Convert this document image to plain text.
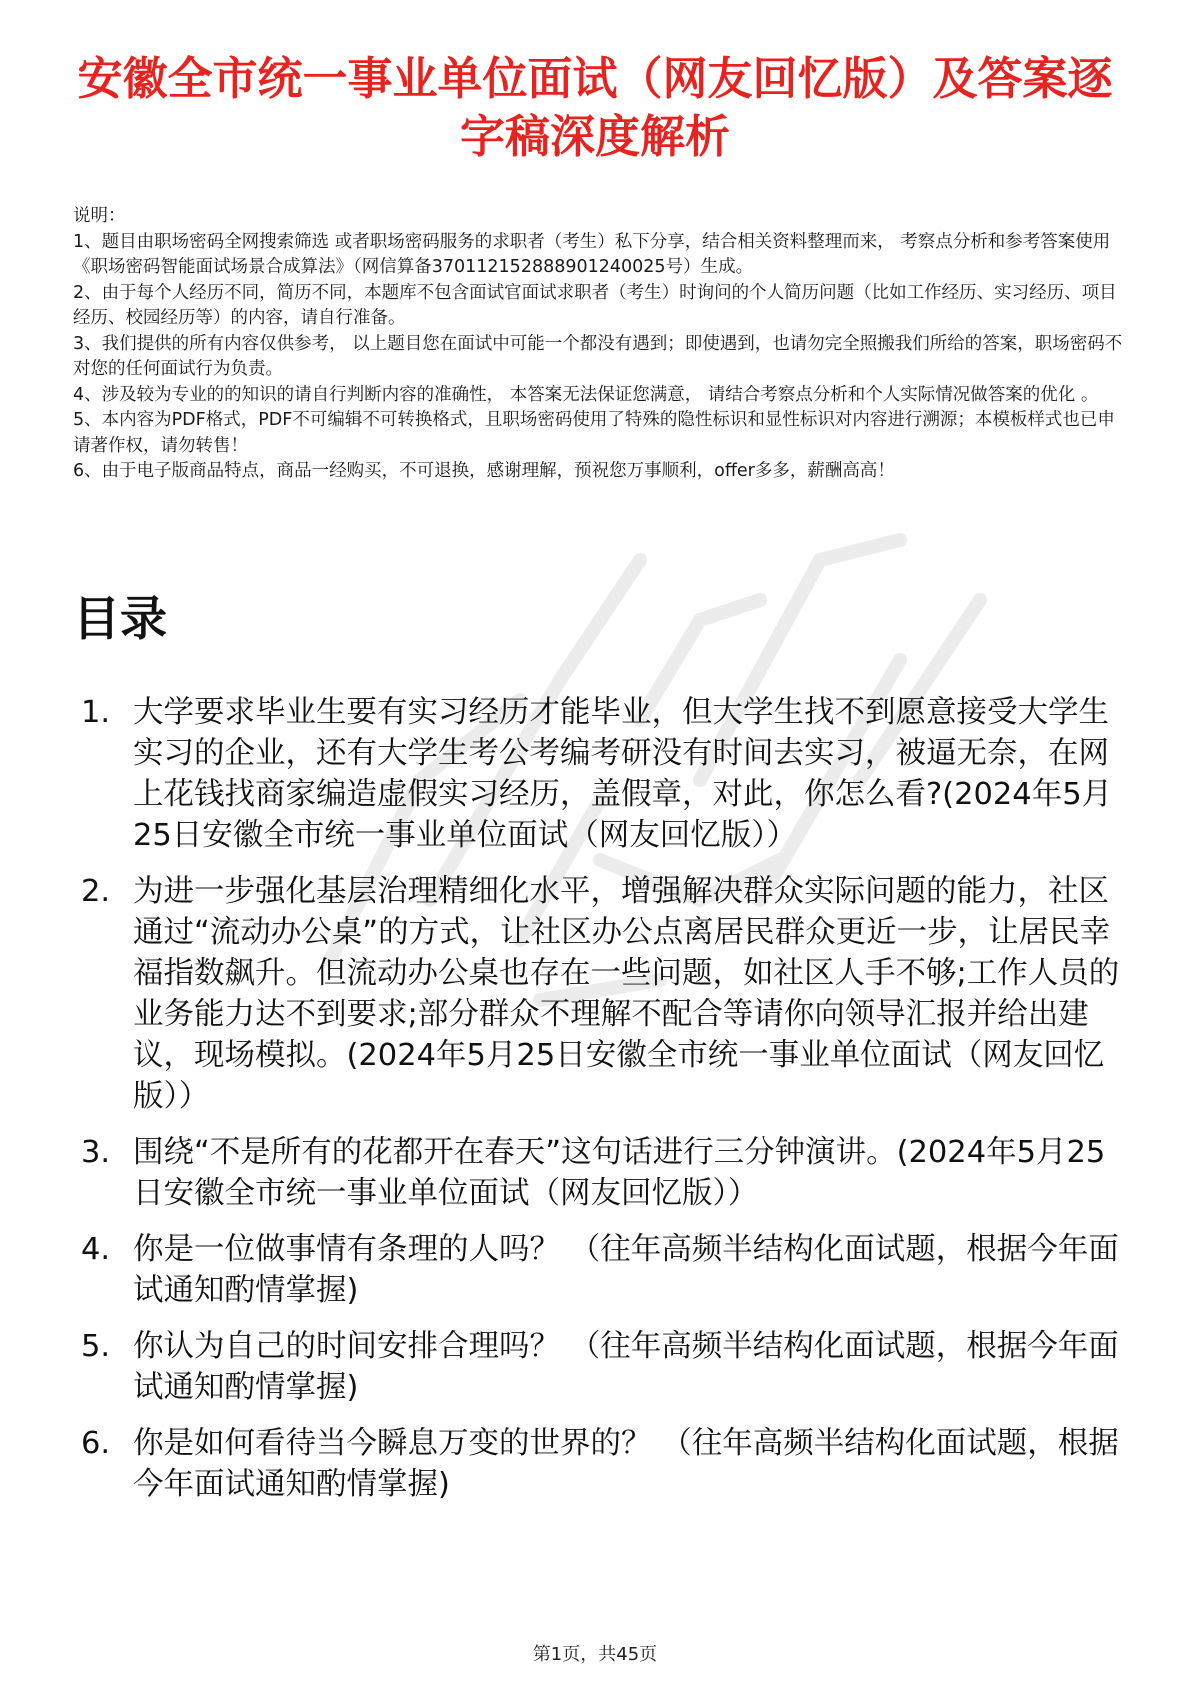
安徽全市统一事业单位面试（网友回忆版）及答案逐字稿深度解析

说明：

1、题目由职场密码全网搜索筛选 或者职场密码服务的求职者（考生）私下分享，结合相关资料整理而来， 考察点分析和参考答案使用《职场密码智能面试场景合成算法》（网信算备370112152888901240025号）生成。

2、由于每个人经历不同，简历不同，本题库不包含面试官面试求职者（考生）时询问的个人简历问题（比如工作经历、实习经历、项目经历、校园经历等）的内容，请自行准备。

3、我们提供的所有内容仅供参考， 以上题目您在面试中可能一个都没有遇到；即使遇到，也请勿完全照搬我们所给的答案，职场密码不对您的任何面试行为负责。

4、涉及较为专业的的知识的请自行判断内容的准确性， 本答案无法保证您满意， 请结合考察点分析和个人实际情况做答案的优化 。

5、本内容为PDF格式，PDF不可编辑不可转换格式，且职场密码使用了特殊的隐性标识和显性标识对内容进行溯源；本模板样式也已申请著作权，请勿转售！

6、由于电子版商品特点，商品一经购买，不可退换，感谢理解，预祝您万事顺利，offer多多，薪酬高高！

目录
1. 大学要求毕业生要有实习经历才能毕业，但大学生找不到愿意接受大学生实习的企业，还有大学生考公考编考研没有时间去实习，被逼无奈，在网上花钱找商家编造虚假实习经历，盖假章，对此，你怎么看?(2024年5月25日安徽全市统一事业单位面试（网友回忆版））
2. 为进一步强化基层治理精细化水平，增强解决群众实际问题的能力，社区通过“流动办公桌”的方式，让社区办公点离居民群众更近一步，让居民幸福指数飙升。但流动办公桌也存在一些问题，如社区人手不够;工作人员的业务能力达不到要求;部分群众不理解不配合等请你向领导汇报并给出建议，现场模拟。(2024年5月25日安徽全市统一事业单位面试（网友回忆版））
3. 围绕“不是所有的花都开在春天”这句话进行三分钟演讲。(2024年5月25日安徽全市统一事业单位面试（网友回忆版））
4. 你是一位做事情有条理的人吗？ （往年高频半结构化面试题，根据今年面试通知酌情掌握)
5. 你认为自己的时间安排合理吗？ （往年高频半结构化面试题，根据今年面试通知酌情掌握)
6. 你是如何看待当今瞬息万变的世界的？ （往年高频半结构化面试题，根据今年面试通知酌情掌握)
第1页，共45页
